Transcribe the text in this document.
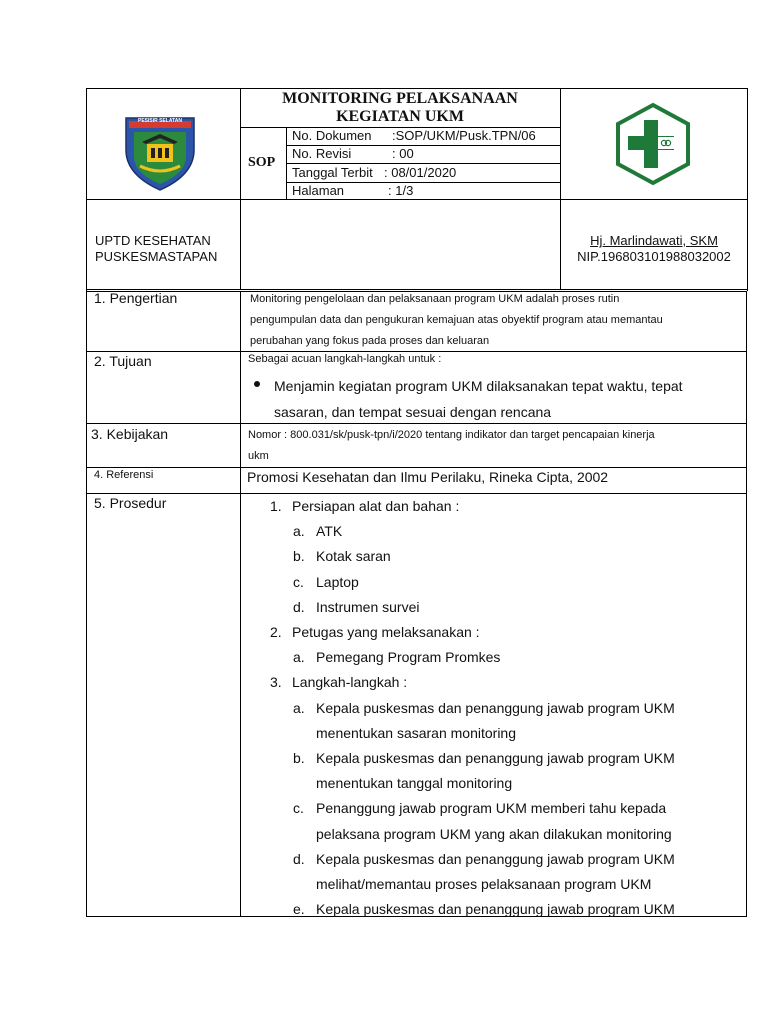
PESISIR SELATAN
MONITORING PELAKSANAAN
KEGIATAN UKM
SOP
No. Dokumen :SOP/UKM/Pusk.TPN/06
No. Revisi	: 00
Tanggal Terbit : 08/01/2020
Halaman	: 1/3
UPTD KESEHATAN
PUSKESMASTAPAN
Hj. Marlindawati, SKM
NIP.196803101988032002
1. Pengertian	Monitoring pengelolaan dan pelaksanaan program UKM adalah proses rutin
pengumpulan data dan pengukuran kemajuan atas obyektif program atau memantau
perubahan yang fokus pada proses dan keluaran
2. Tujuan	Sebagai acuan langkah-langkah untuk :
Menjamin kegiatan program UKM dilaksanakan tepat waktu, tepat
sasaran, dan tempat sesuai dengan rencana
3. Kebijakan	Nomor : 800.031/sk/pusk-tpn/i/2020 tentang indikator dan target pencapaian kinerja
ukm
4. Referensi	Promosi Kesehatan dan Ilmu Perilaku, Rineka Cipta, 2002
5. Prosedur	1. Persiapan alat dan bahan :
a. ATK
b. Kotak saran
c. Laptop
d. Instrumen survei
2. Petugas yang melaksanakan :
a. Pemegang Program Promkes
3. Langkah-langkah :
a. Kepala puskesmas dan penanggung jawab program UKM
menentukan sasaran monitoring
b. Kepala puskesmas dan penanggung jawab program UKM
menentukan tanggal monitoring
c. Penanggung jawab program UKM memberi tahu kepada
pelaksana program UKM yang akan dilakukan monitoring
d. Kepala puskesmas dan penanggung jawab program UKM
melihat/memantau proses pelaksanaan program UKM
e. Kepala puskesmas dan penanggung jawab program UKM
